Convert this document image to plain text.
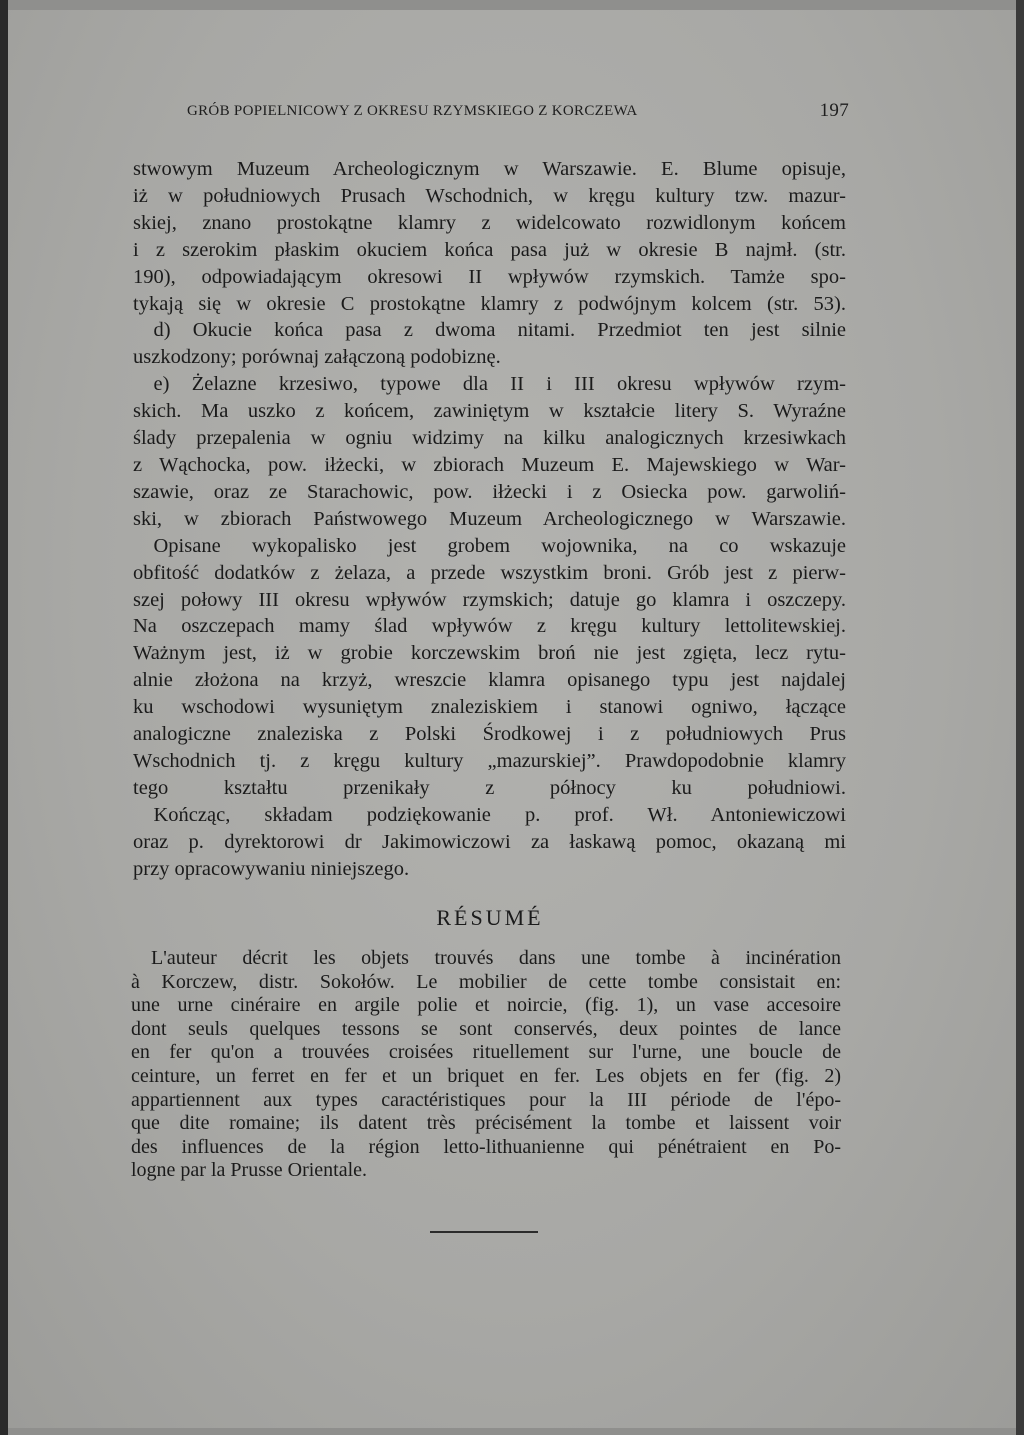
GRÓB POPIELNICOWY Z OKRESU RZYMSKIEGO Z KORCZEWA	197
stwowym Muzeum Archeologicznym w Warszawie. E. Blume opisuje,
iż w południowych Prusach Wschodnich, w kręgu kultury tzw. mazur-
skiej, znano prostokątne klamry z widelcowato rozwidlonym końcem
i z szerokim płaskim okuciem końca pasa już w okresie B najmł. (str.
190), odpowiadającym okresowi II wpływów rzymskich. Tamże spo-
tykają się w okresie C prostokątne klamry z podwójnym kolcem (str. 53).
 d) Okucie końca pasa z dwoma nitami. Przedmiot ten jest silnie
uszkodzony; porównaj załączoną podobiznę.
 e) Żelazne krzesiwo, typowe dla II i III okresu wpływów rzym-
skich. Ma uszko z końcem, zawiniętym w kształcie litery S. Wyraźne
ślady przepalenia w ogniu widzimy na kilku analogicznych krzesiwkach
z Wąchocka, pow. iłżecki, w zbiorach Muzeum E. Majewskiego w War-
szawie, oraz ze Starachowic, pow. iłżecki i z Osiecka pow. garwoliń-
ski, w zbiorach Państwowego Muzeum Archeologicznego w Warszawie.
 Opisane wykopalisko jest grobem wojownika, na co wskazuje
obfitość dodatków z żelaza, a przede wszystkim broni. Grób jest z pierw-
szej połowy III okresu wpływów rzymskich; datuje go klamra i oszczepy.
Na oszczepach mamy ślad wpływów z kręgu kultury lettolitewskiej.
Ważnym jest, iż w grobie korczewskim broń nie jest zgięta, lecz rytu-
alnie złożona na krzyż, wreszcie klamra opisanego typu jest najdalej
ku wschodowi wysuniętym znaleziskiem i stanowi ogniwo, łączące
analogiczne znaleziska z Polski Środkowej i z południowych Prus
Wschodnich tj. z kręgu kultury „mazurskiej”. Prawdopodobnie klamry
tego kształtu przenikały z północy ku południowi.
 Kończąc, składam podziękowanie p. prof. Wł. Antoniewiczowi
oraz p. dyrektorowi dr Jakimowiczowi za łaskawą pomoc, okazaną mi
przy opracowywaniu niniejszego.
RÉSUMÉ
 L'auteur décrit les objets trouvés dans une tombe à incinération
à Korczew, distr. Sokołów. Le mobilier de cette tombe consistait en:
une urne cinéraire en argile polie et noircie, (fig. 1), un vase accesoire
dont seuls quelques tessons se sont conservés, deux pointes de lance
en fer qu'on a trouvées croisées rituellement sur l'urne, une boucle de
ceinture, un ferret en fer et un briquet en fer. Les objets en fer (fig. 2)
appartiennent aux types caractéristiques pour la III période de l'épo-
que dite romaine; ils datent très précisément la tombe et laissent voir
des influences de la région letto-lithuanienne qui pénétraient en Po-
logne par la Prusse Orientale.
